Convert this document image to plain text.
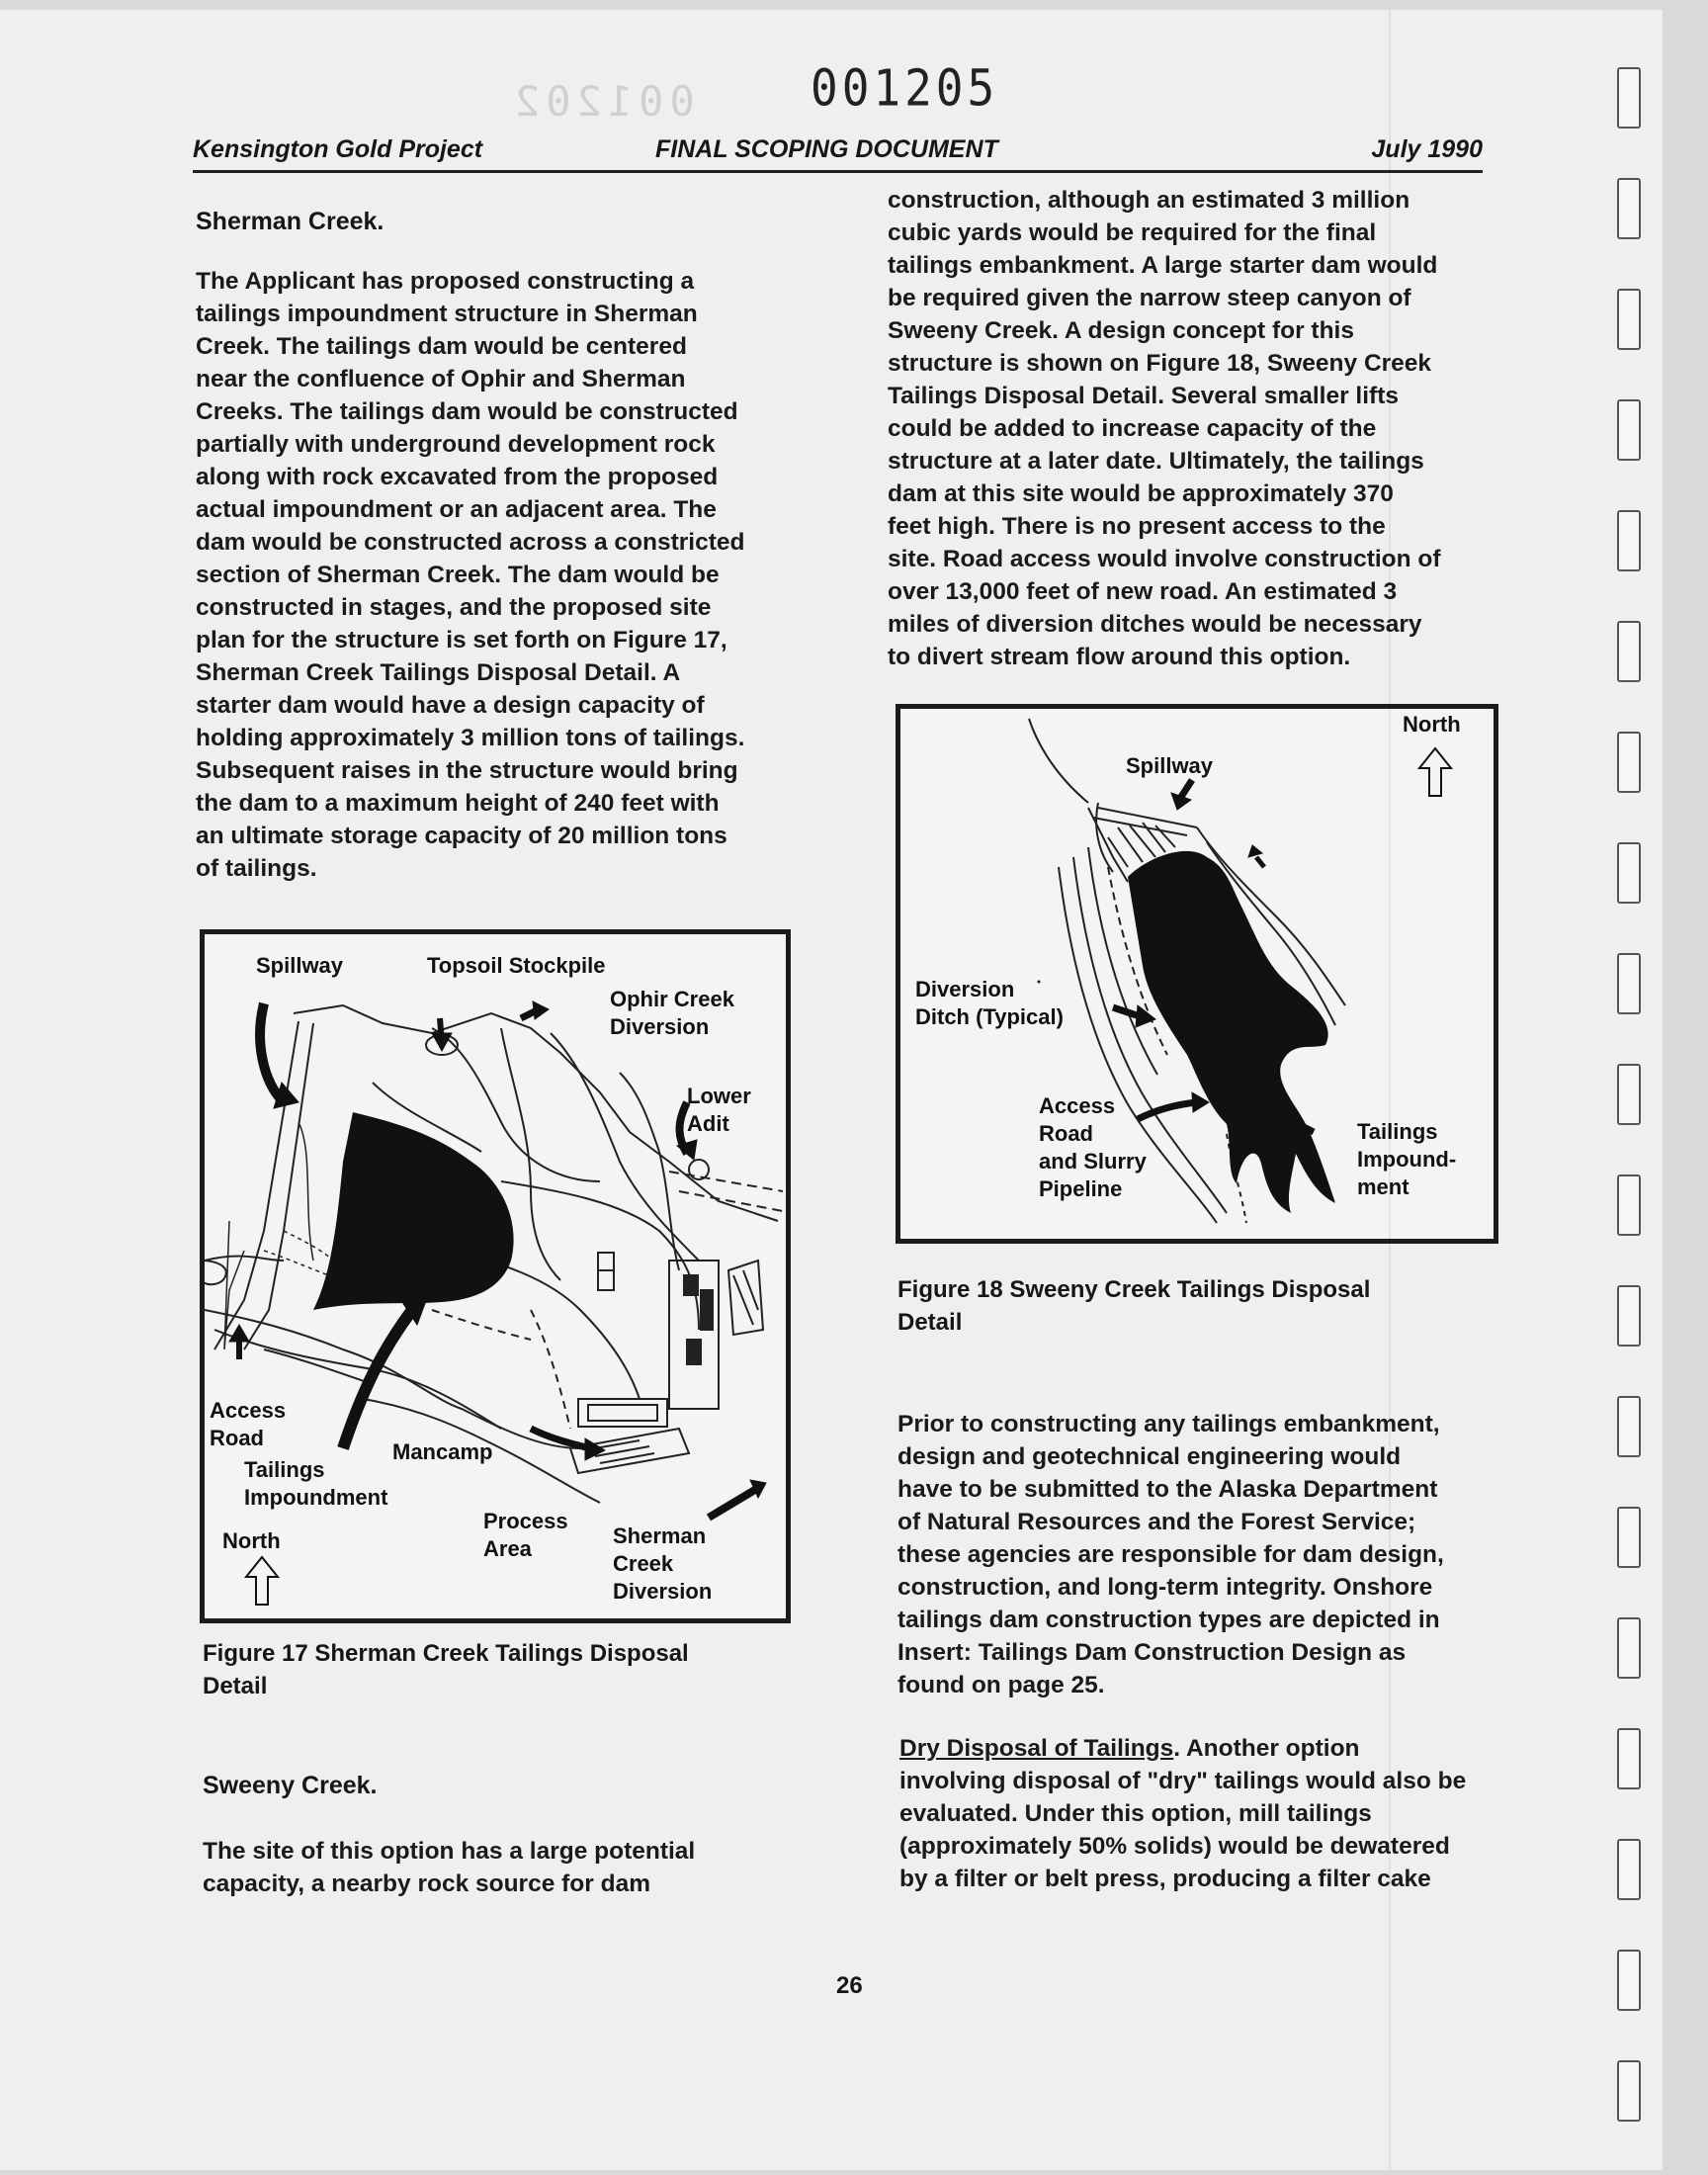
001202	001205
Kensington Gold Project	FINAL SCOPING DOCUMENT	July 1990
Sherman Creek.

The Applicant has proposed constructing a

tailings impoundment structure in Sherman

Creek. The tailings dam would be centered

near the confluence of Ophir and Sherman

Creeks. The tailings dam would be constructed

partially with underground development rock

along with rock excavated from the proposed

actual impoundment or an adjacent area. The

dam would be constructed across a constricted

section of Sherman Creek. The dam would be

constructed in stages, and the proposed site

plan for the structure is set forth on Figure 17,

Sherman Creek Tailings Disposal Detail. A

starter dam would have a design capacity of

holding approximately 3 million tons of tailings.

Subsequent raises in the structure would bring

the dam to a maximum height of 240 feet with

an ultimate storage capacity of 20 million tons

of tailings.

Spillway	Topsoil Stockpile
Ophir Creek
Diversion
Lower
Adit
Access
Road
Tailings
Impoundment
Mancamp
Process
Area
Sherman
Creek
Diversion
North
Figure 17 Sherman Creek Tailings Disposal
Detail
Sweeny Creek.

The site of this option has a large potential

capacity, a nearby rock source for dam

construction, although an estimated 3 million

cubic yards would be required for the final

tailings embankment. A large starter dam would

be required given the narrow steep canyon of

Sweeny Creek. A design concept for this

structure is shown on Figure 18, Sweeny Creek

Tailings Disposal Detail. Several smaller lifts

could be added to increase capacity of the

structure at a later date. Ultimately, the tailings

dam at this site would be approximately 370

feet high. There is no present access to the

site. Road access would involve construction of

over 13,000 feet of new road. An estimated 3

miles of diversion ditches would be necessary

to divert stream flow around this option.

North
Spillway
Diversion
Ditch (Typical)
Access
Road
and Slurry
Pipeline
Tailings
Impound-
ment
Figure 18 Sweeny Creek Tailings Disposal
Detail

Prior to constructing any tailings embankment,

design and geotechnical engineering would

have to be submitted to the Alaska Department

of Natural Resources and the Forest Service;

these agencies are responsible for dam design,

construction, and long-term integrity. Onshore

tailings dam construction types are depicted in

Insert: Tailings Dam Construction Design as

found on page 25.

Dry Disposal of Tailings. Another option

involving disposal of "dry" tailings would also be

evaluated. Under this option, mill tailings

(approximately 50% solids) would be dewatered

by a filter or belt press, producing a filter cake

26
